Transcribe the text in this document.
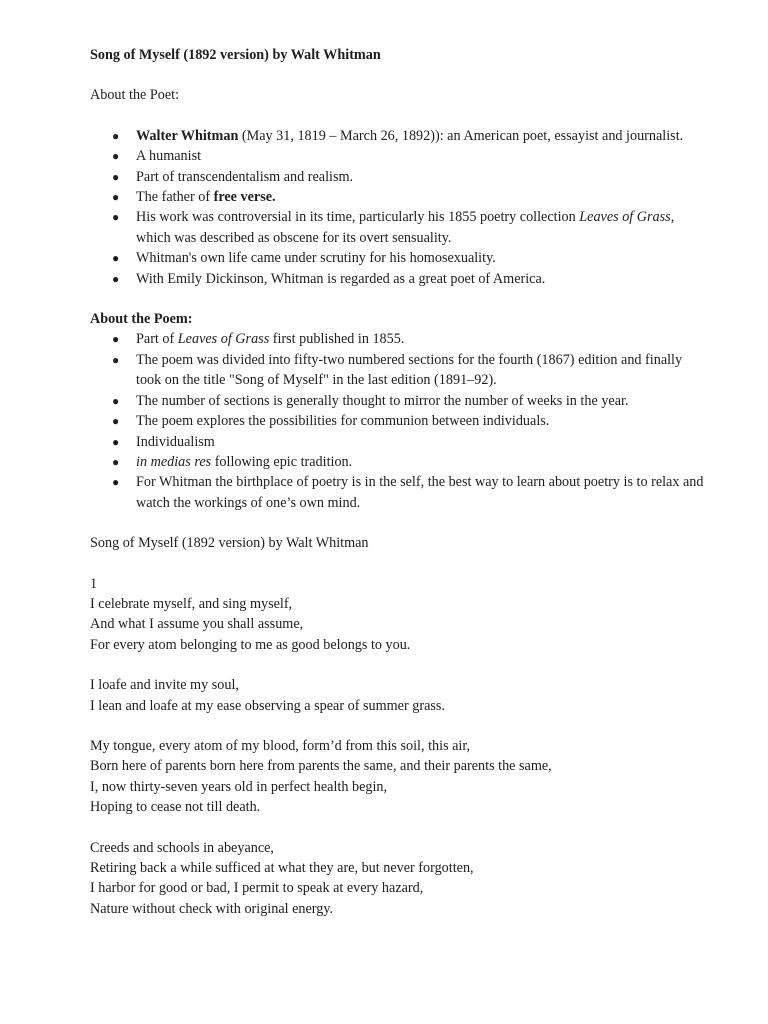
Song of Myself (1892 version) by Walt Whitman
About the Poet:
● Walter Whitman (May 31, 1819 – March 26, 1892)): an American poet, essayist and journalist.
● A humanist
● Part of transcendentalism and realism.
● The father of free verse.
● His work was controversial in its time, particularly his 1855 poetry collection Leaves of Grass, which was described as obscene for its overt sensuality.
● Whitman's own life came under scrutiny for his homosexuality.
● With Emily Dickinson, Whitman is regarded as a great poet of America.
About the Poem:
● Part of Leaves of Grass first published in 1855.
● The poem was divided into fifty-two numbered sections for the fourth (1867) edition and finally took on the title "Song of Myself" in the last edition (1891–92).
● The number of sections is generally thought to mirror the number of weeks in the year.
● The poem explores the possibilities for communion between individuals.
● Individualism
● in medias res following epic tradition.
● For Whitman the birthplace of poetry is in the self, the best way to learn about poetry is to relax and watch the workings of one’s own mind.
Song of Myself (1892 version) by Walt Whitman
1
I celebrate myself, and sing myself,
And what I assume you shall assume,
For every atom belonging to me as good belongs to you.
I loafe and invite my soul,
I lean and loafe at my ease observing a spear of summer grass.
My tongue, every atom of my blood, form’d from this soil, this air,
Born here of parents born here from parents the same, and their parents the same,
I, now thirty-seven years old in perfect health begin,
Hoping to cease not till death.
Creeds and schools in abeyance,
Retiring back a while sufficed at what they are, but never forgotten,
I harbor for good or bad, I permit to speak at every hazard,
Nature without check with original energy.
